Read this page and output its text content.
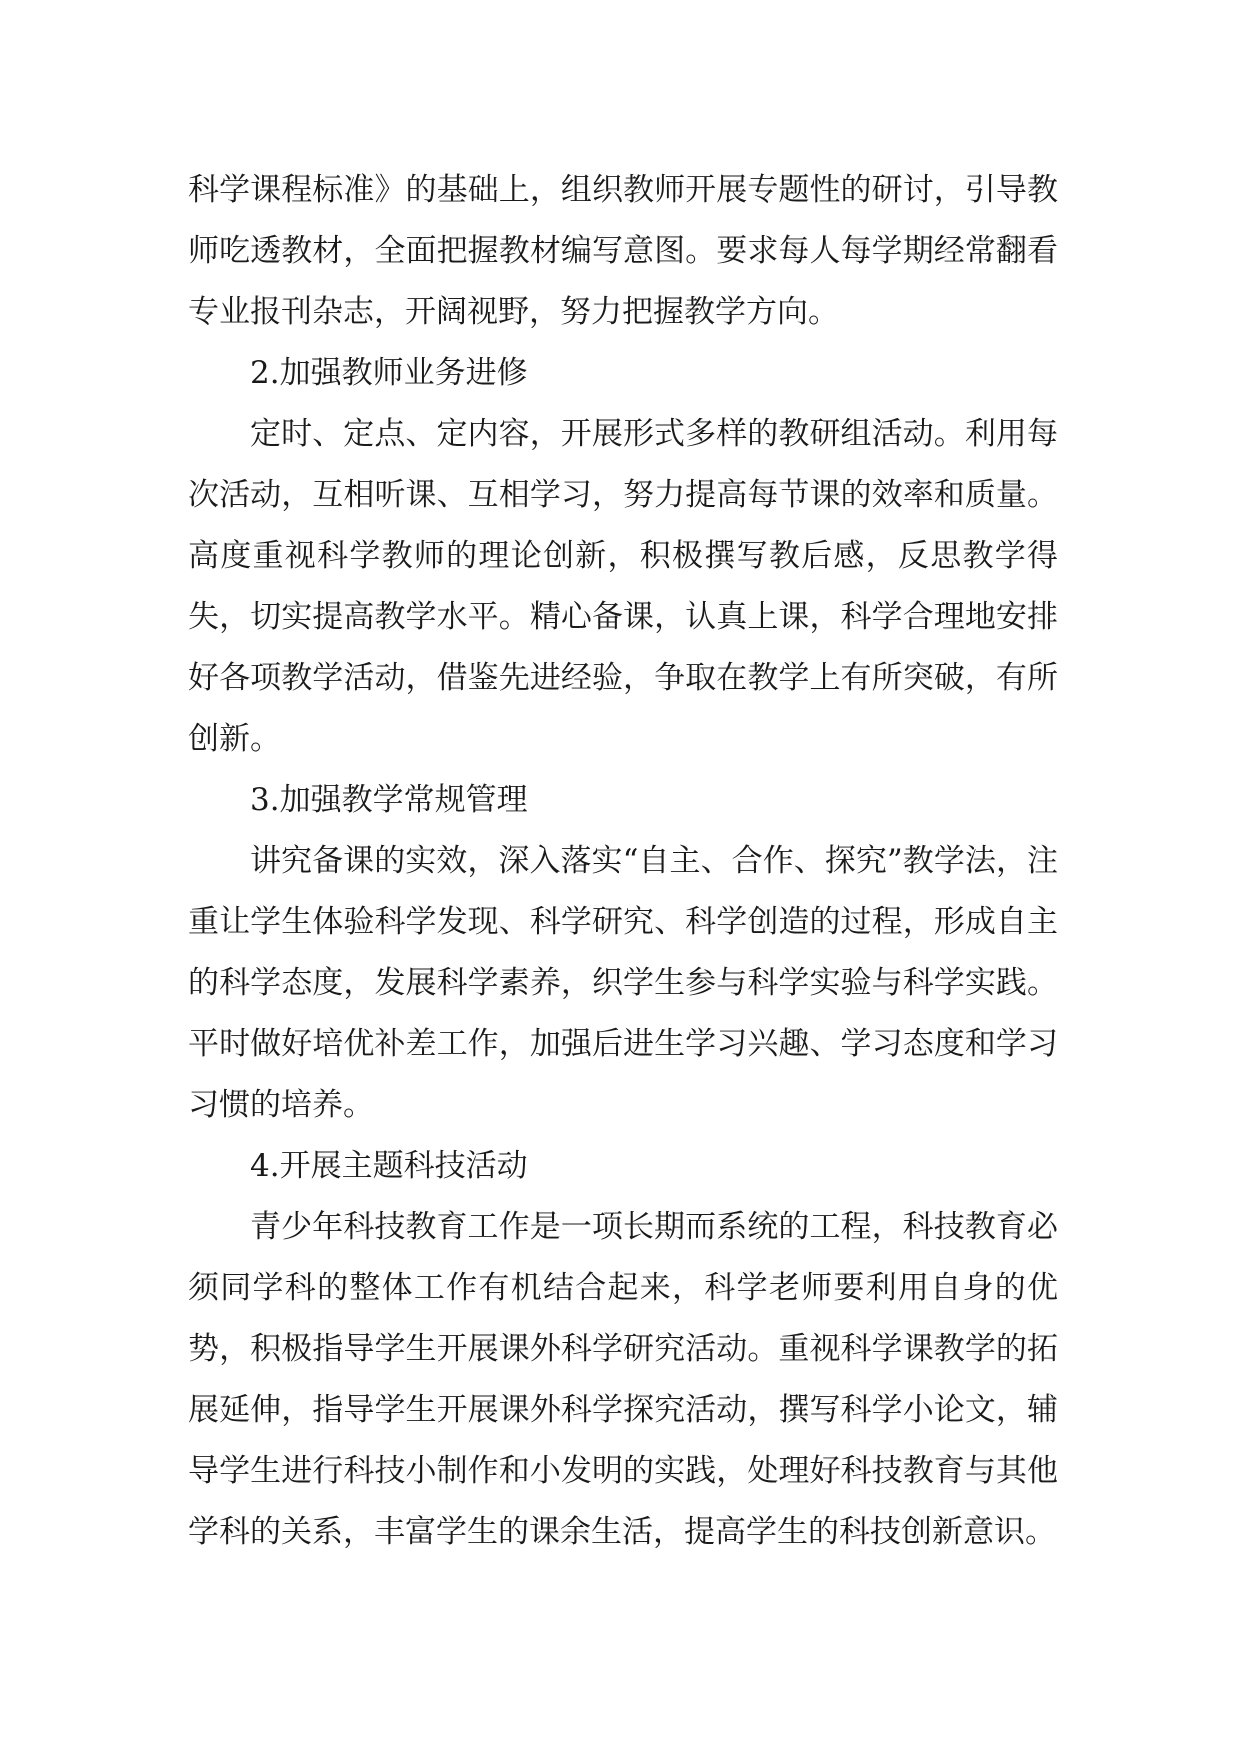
科学课程标准》的基础上，组织教师开展专题性的研讨，引导教师吃透教材，全面把握教材编写意图。要求每人每学期经常翻看专业报刊杂志，开阔视野，努力把握教学方向。

2.加强教师业务进修

定时、定点、定内容，开展形式多样的教研组活动。利用每次活动，互相听课、互相学习，努力提高每节课的效率和质量。高度重视科学教师的理论创新，积极撰写教后感，反思教学得失，切实提高教学水平。精心备课，认真上课，科学合理地安排好各项教学活动，借鉴先进经验，争取在教学上有所突破，有所创新。

3.加强教学常规管理

讲究备课的实效，深入落实“自主、合作、探究”教学法，注重让学生体验科学发现、科学研究、科学创造的过程，形成自主的科学态度，发展科学素养，织学生参与科学实验与科学实践。平时做好培优补差工作，加强后进生学习兴趣、学习态度和学习习惯的培养。

4.开展主题科技活动

青少年科技教育工作是一项长期而系统的工程，科技教育必须同学科的整体工作有机结合起来，科学老师要利用自身的优势，积极指导学生开展课外科学研究活动。重视科学课教学的拓展延伸，指导学生开展课外科学探究活动，撰写科学小论文，辅导学生进行科技小制作和小发明的实践，处理好科技教育与其他学科的关系，丰富学生的课余生活，提高学生的科技创新意识。
